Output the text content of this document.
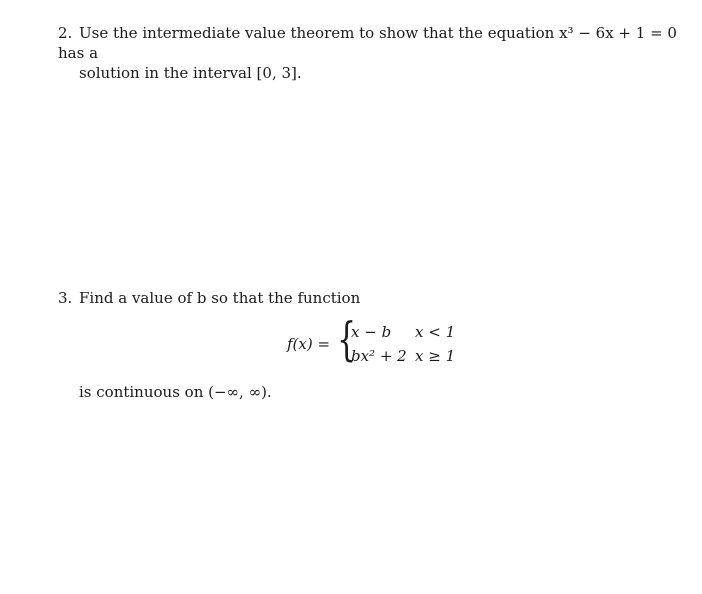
2. Use the intermediate value theorem to show that the equation x³ − 6x + 1 = 0 has a
solution in the interval [0, 3].
3. Find a value of b so that the function
f(x) = {
x − b x < 1
bx² + 2 x ≥ 1
is continuous on (−∞, ∞).
